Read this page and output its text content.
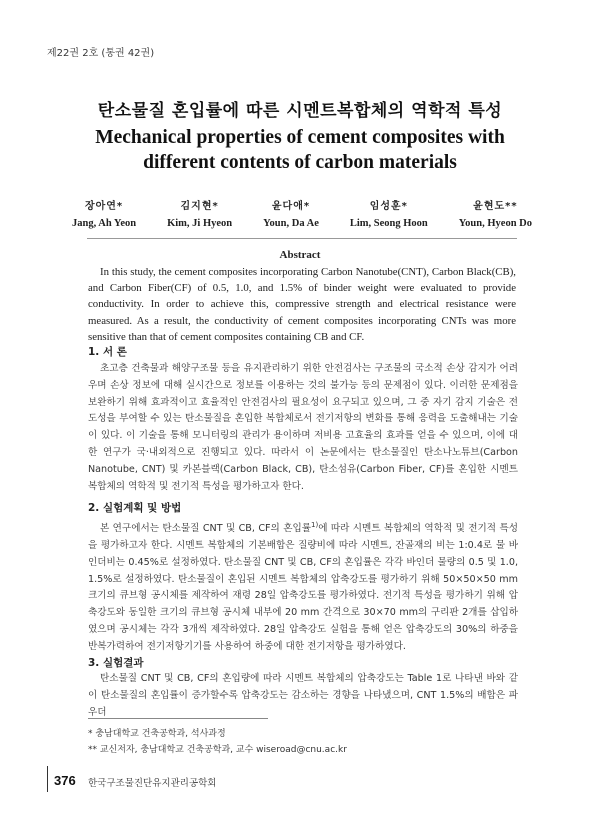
제22권 2호 (통권 42권)
탄소물질 혼입률에 따른 시멘트복합체의 역학적 특성
Mechanical properties of cement composites with different contents of carbon materials
장아연*
Jang, Ah Yeon
김지현*
Kim, Ji Hyeon
윤다애*
Youn, Da Ae
임성훈*
Lim, Seong Hoon
윤현도**
Youn, Hyeon Do
Abstract
In this study, the cement composites incorporating Carbon Nanotube(CNT), Carbon Black(CB), and Carbon Fiber(CF) of 0.5, 1.0, and 1.5% of binder weight were evaluated to provide conductivity. In order to achieve this, compressive strength and electrical resistance were measured. As a result, the conductivity of cement composites incorporating CNTs was more sensitive than that of cement composites containing CB and CF.
1. 서 론
초고층 건축물과 해양구조물 등을 유지관리하기 위한 안전검사는 구조물의 국소적 손상 감지가 어려우며 손상 정보에 대해 실시간으로 정보를 이용하는 것의 불가능 등의 문제점이 있다. 이러한 문제점을 보완하기 위해 효과적이고 효율적인 안전검사의 필요성이 요구되고 있으며, 그 중 자기 감지 기술은 전도성을 부여할 수 있는 탄소물질을 혼입한 복합체로서 전기저항의 변화를 통해 응력을 도출해내는 기술이 있다. 이 기술을 통해 모니터링의 관리가 용이하며 저비용 고효율의 효과를 얻을 수 있으며, 이에 대한 연구가 국·내외적으로 진행되고 있다. 따라서 이 논문에서는 탄소물질인 탄소나노튜브(Carbon Nanotube, CNT) 및 카본블랙(Carbon Black, CB), 탄소섬유(Carbon Fiber, CF)를 혼입한 시멘트 복합체의 역학적 및 전기적 특성을 평가하고자 한다.
2. 실험계획 및 방법
본 연구에서는 탄소물질 CNT 및 CB, CF의 혼입률$^{1)}$에 따라 시멘트 복합체의 역학적 및 전기적 특성을 평가하고자 한다. 시멘트 복합체의 기본배합은 질량비에 따라 시멘트, 잔골재의 비는 1:0.4로 물 바인더비는 0.45%로 설정하였다. 탄소물질 CNT 및 CB, CF의 혼입률은 각각 바인더 물량의 0.5 및 1.0, 1.5%로 설정하였다. 탄소물질이 혼입된 시멘트 복합체의 압축강도를 평가하기 위해 50×50×50 mm 크기의 큐브형 공시체를 제작하여 재령 28일 압축강도를 평가하였다. 전기적 특성을 평가하기 위해 압축강도와 동일한 크기의 큐브형 공시체 내부에 20 mm 간격으로 30×70 mm의 구리판 2개를 삽입하였으며 공시체는 각각 3개씩 제작하였다. 28일 압축강도 실험을 통해 얻은 압축강도의 30%의 하중을 반복가력하여 전기저항기기를 사용하여 하중에 대한 전기저항을 평가하였다.
3. 실험결과
탄소물질 CNT 및 CB, CF의 혼입량에 따라 시멘트 복합체의 압축강도는 Table 1로 나타낸 바와 같이 탄소물질의 혼입률이 증가할수록 압축강도는 감소하는 경향을 나타냈으며, CNT 1.5%의 배합은 파우더
* 충남대학교 건축공학과, 석사과정
** 교신저자, 충남대학교 건축공학과, 교수 wiseroad@cnu.ac.kr
376 한국구조물진단유지관리공학회
